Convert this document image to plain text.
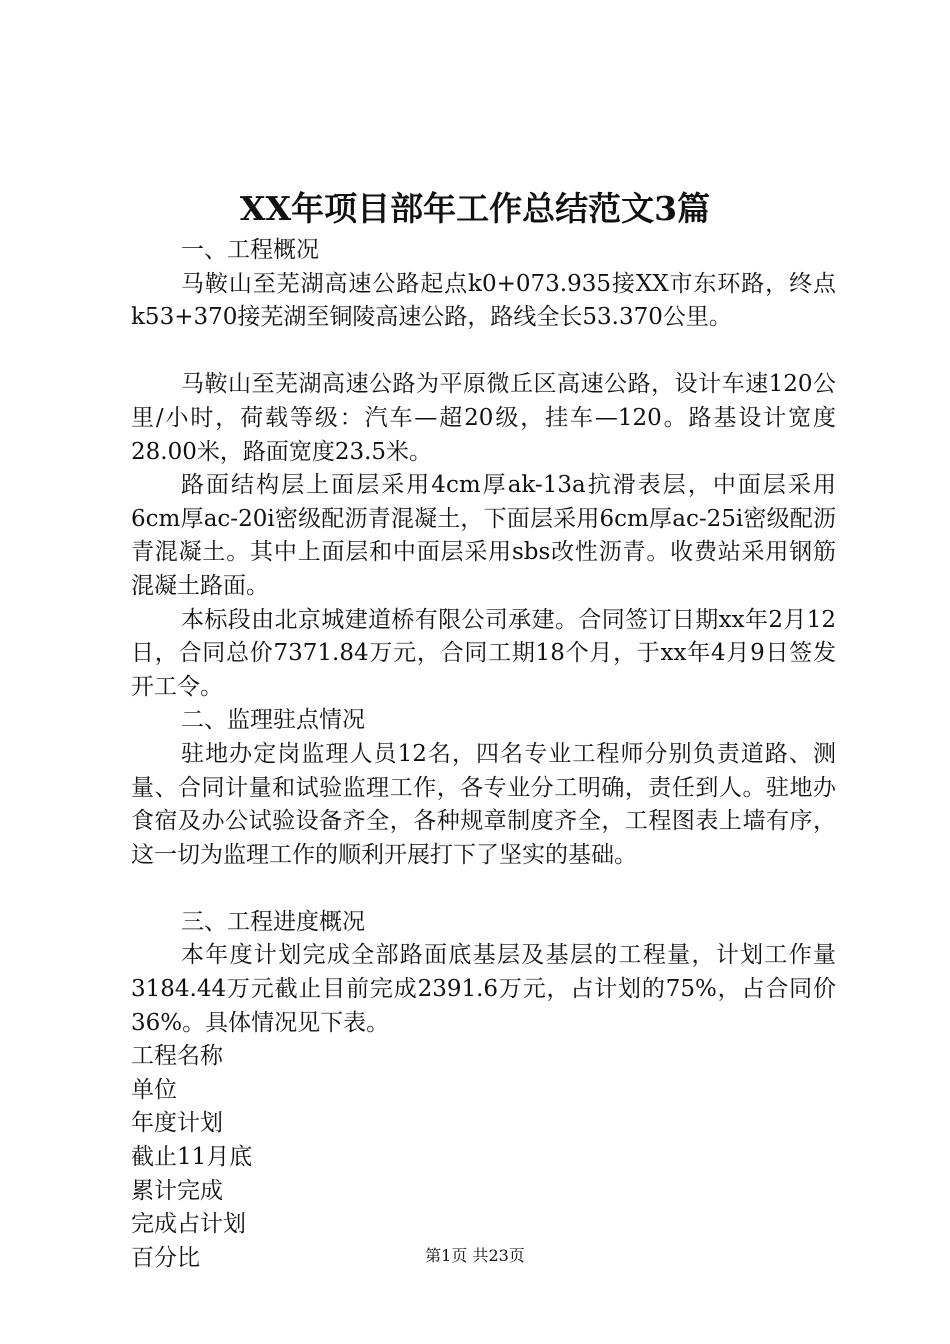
XX年项目部年工作总结范文3篇

一、工程概况

马鞍山至芜湖高速公路起点k0+073.935接XX市东环路，终点k53+370接芜湖至铜陵高速公路，路线全长53.370公里。

马鞍山至芜湖高速公路为平原微丘区高速公路，设计车速120公里/小时，荷载等级：汽车—超20级，挂车—120。路基设计宽度28.00米，路面宽度23.5米。

路面结构层上面层采用4cm厚ak-13a抗滑表层，中面层采用6cm厚ac-20i密级配沥青混凝土，下面层采用6cm厚ac-25i密级配沥青混凝土。其中上面层和中面层采用sbs改性沥青。收费站采用钢筋混凝土路面。

本标段由北京城建道桥有限公司承建。合同签订日期xx年2月12日，合同总价7371.84万元，合同工期18个月，于xx年4月9日签发开工令。

二、监理驻点情况

驻地办定岗监理人员12名，四名专业工程师分别负责道路、测量、合同计量和试验监理工作，各专业分工明确，责任到人。驻地办食宿及办公试验设备齐全，各种规章制度齐全，工程图表上墙有序，这一切为监理工作的顺利开展打下了坚实的基础。

三、工程进度概况

本年度计划完成全部路面底基层及基层的工程量，计划工作量3184.44万元截止目前完成2391.6万元，占计划的75%，占合同价36%。具体情况见下表。

工程名称

单位

年度计划

截止11月底

累计完成

完成占计划

百分比	第1页 共23页
